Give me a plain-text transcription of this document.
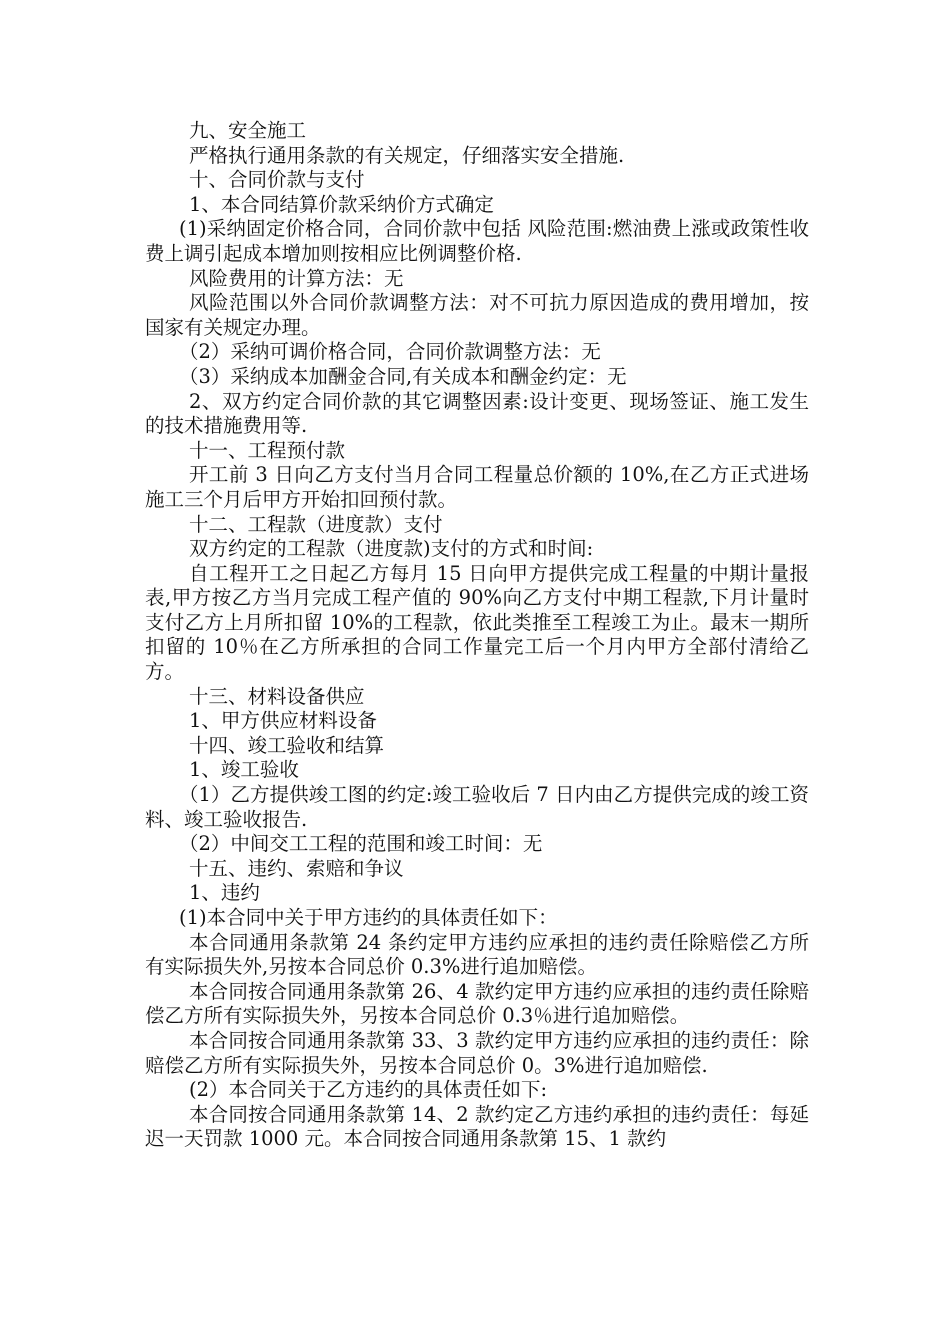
九、安全施工

严格执行通用条款的有关规定，仔细落实安全措施.

十、合同价款与支付

1、本合同结算价款采纳价方式确定

(1)采纳固定价格合同，合同价款中包括 风险范围:燃油费上涨或政策性收费上调引起成本增加则按相应比例调整价格.

风险费用的计算方法：无

风险范围以外合同价款调整方法：对不可抗力原因造成的费用增加，按国家有关规定办理。

（2）采纳可调价格合同，合同价款调整方法：无

（3）采纳成本加酬金合同,有关成本和酬金约定：无

2、双方约定合同价款的其它调整因素:设计变更、现场签证、施工发生的技术措施费用等.

十一、工程预付款

开工前 3 日向乙方支付当月合同工程量总价额的 10%,在乙方正式进场施工三个月后甲方开始扣回预付款。

十二、工程款（进度款）支付

双方约定的工程款（进度款)支付的方式和时间:

自工程开工之日起乙方每月 15 日向甲方提供完成工程量的中期计量报表,甲方按乙方当月完成工程产值的 90%向乙方支付中期工程款,下月计量时支付乙方上月所扣留 10%的工程款，依此类推至工程竣工为止。最末一期所扣留的 10％在乙方所承担的合同工作量完工后一个月内甲方全部付清给乙方。

十三、材料设备供应

1、甲方供应材料设备

十四、竣工验收和结算

1、竣工验收

（1）乙方提供竣工图的约定:竣工验收后 7 日内由乙方提供完成的竣工资料、竣工验收报告.

（2）中间交工工程的范围和竣工时间：无

十五、违约、索赔和争议

1、违约

(1)本合同中关于甲方违约的具体责任如下：

本合同通用条款第 24 条约定甲方违约应承担的违约责任除赔偿乙方所有实际损失外,另按本合同总价 0.3%进行追加赔偿。

本合同按合同通用条款第 26、4 款约定甲方违约应承担的违约责任除赔偿乙方所有实际损失外，另按本合同总价 0.3％进行追加赔偿。

本合同按合同通用条款第 33、3 款约定甲方违约应承担的违约责任：除赔偿乙方所有实际损失外，另按本合同总价 0。3%进行追加赔偿.

(2）本合同关于乙方违约的具体责任如下:

本合同按合同通用条款第 14、2 款约定乙方违约承担的违约责任：每延迟一天罚款 1000 元。本合同按合同通用条款第 15、1 款约
